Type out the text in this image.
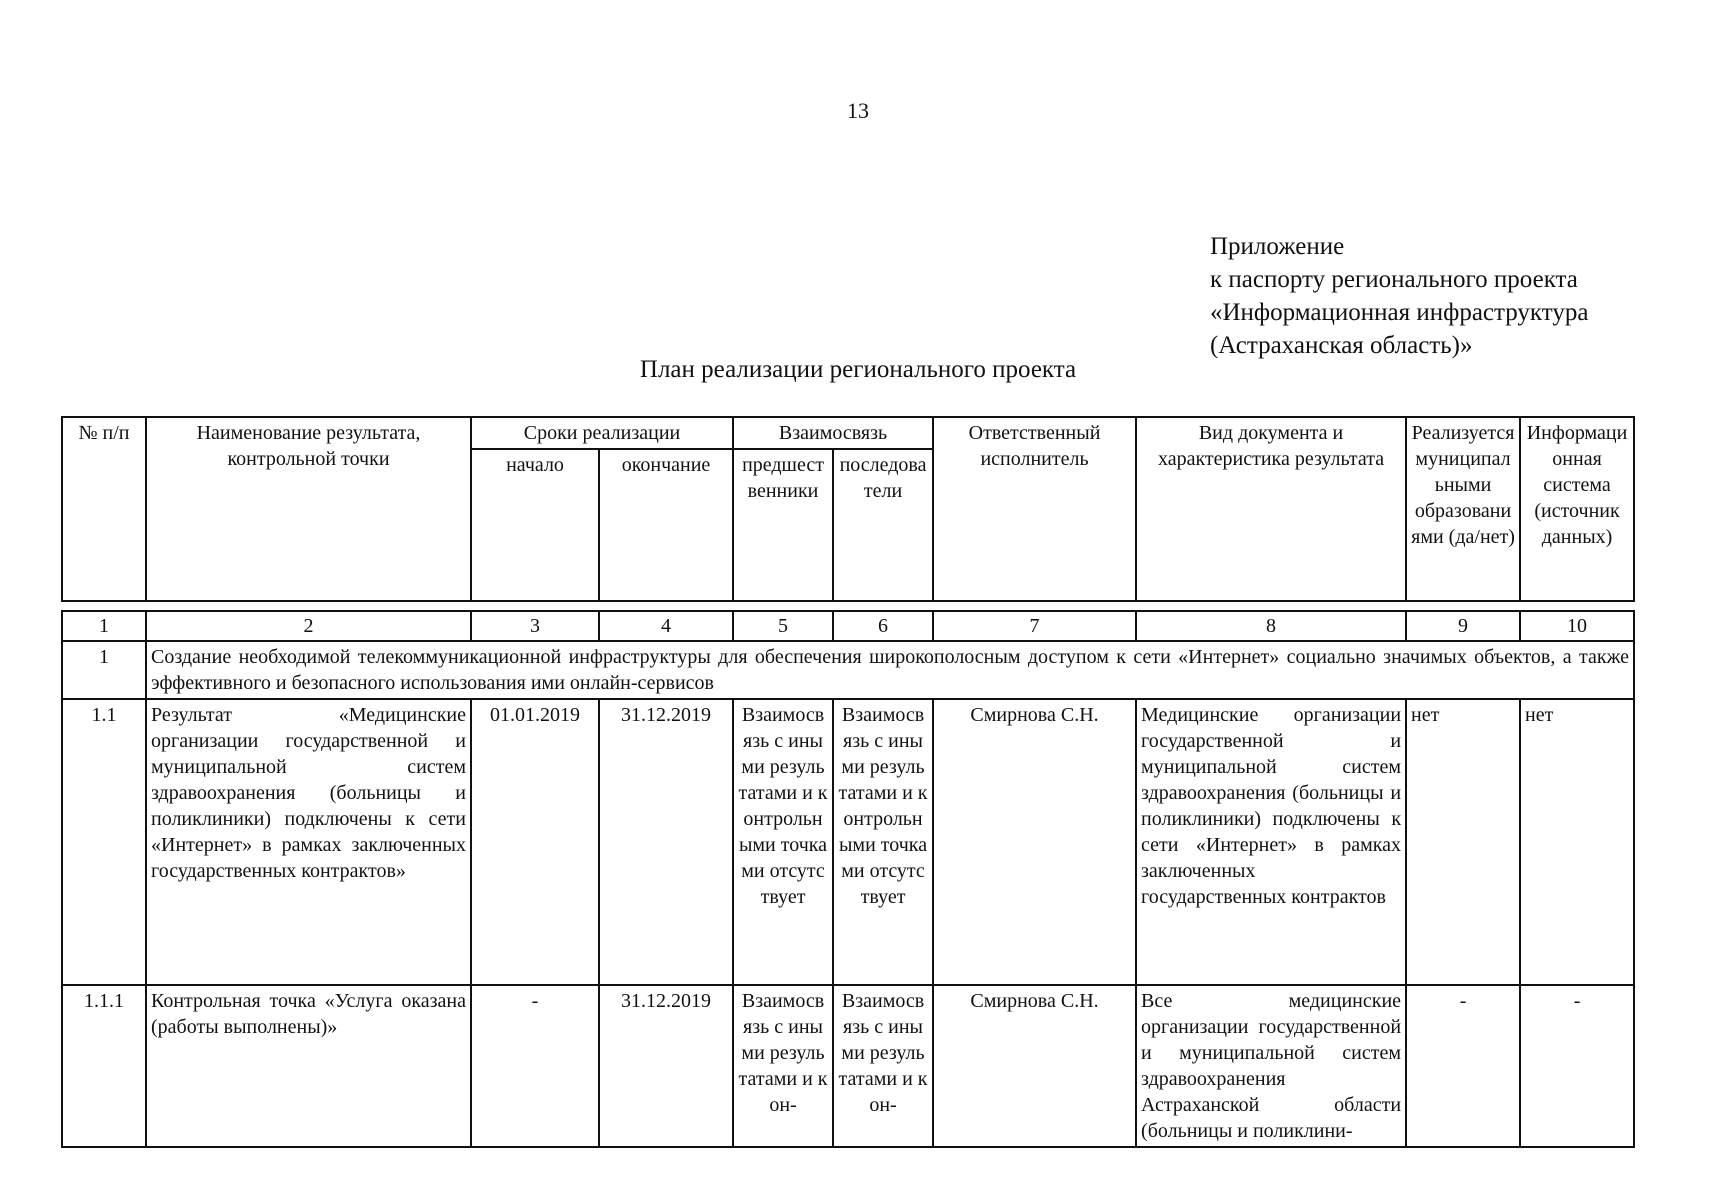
13
Приложение
к паспорту регионального проекта
«Информационная инфраструктура
(Астраханская область)»
План реализации регионального проекта
№ п/п	Наименование результата, контрольной точки	Сроки реализации		Взаимосвязь		Ответственный исполнитель	Вид документа и характеристика результата	Реализуется муниципальными образованиями (да/нет)	Информационная система (источник данных)
		начало	окончание	предшественники	последователи				

1	2	3	4	5	6	7	8	9	10
1	Создание необходимой телекоммуникационной инфраструктуры для обеспечения широкополосным доступом к сети «Интернет» социально значимых объектов, а также эффективного и безопасного использования ими онлайн-сервисов								
1.1	Результат «Медицинские организации государственной и муниципальной систем здравоохранения (больницы и поликлиники) подключены к сети «Интернет» в рамках заключенных государственных контрактов»	01.01.2019	31.12.2019	Взаимосвязь с иными результатами и контрольными точками отсутствует	Взаимосвязь с иными результатами и контрольными точками отсутствует	Смирнова С.Н.	Медицинские организации государственной и муниципальной систем здравоохранения (больницы и поликлиники) подключены к сети «Интернет» в рамках заключенных государственных контрактов	нет	нет
1.1.1	Контрольная точка «Услуга оказана (работы выполнены)»	-	31.12.2019	Взаимосвязь с иными результатами и кон-	Взаимосвязь с иными результатами и кон-	Смирнова С.Н.	Все медицинские организации государственной и муниципальной систем здравоохранения Астраханской области (больницы и поликлини-	-	-
